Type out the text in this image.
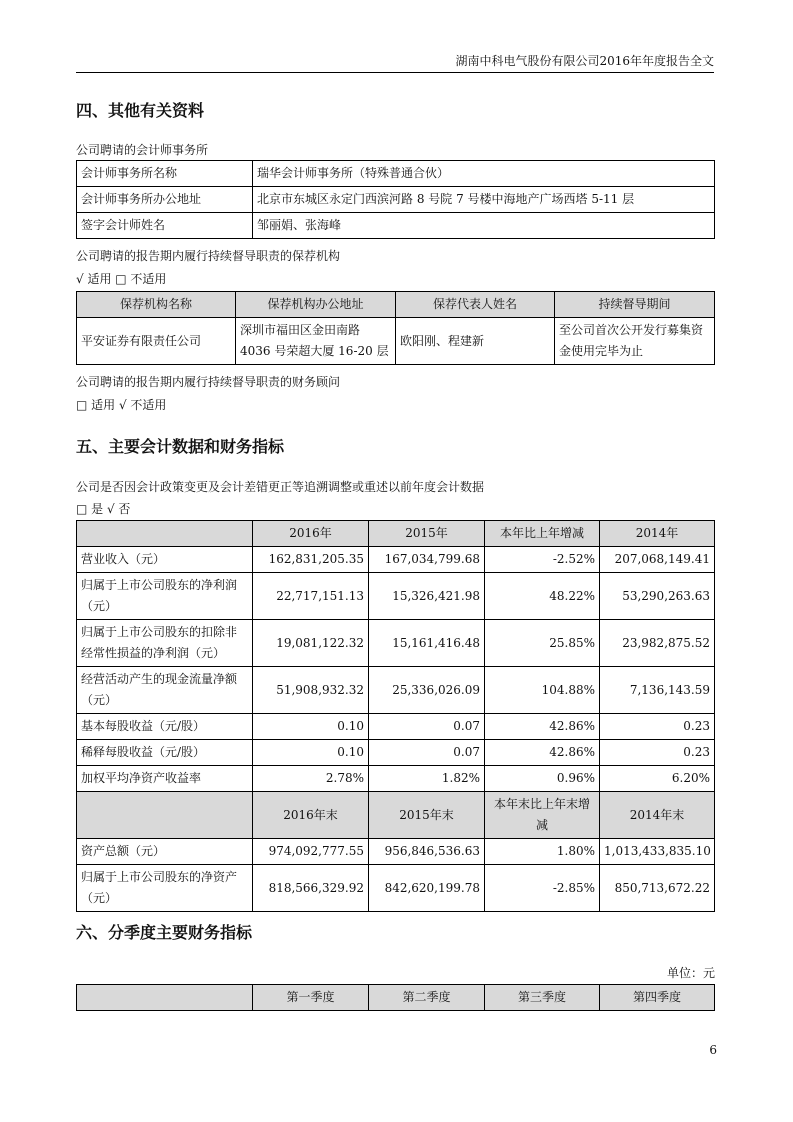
湖南中科电气股份有限公司2016年年度报告全文
四、其他有关资料
公司聘请的会计师事务所
会计师事务所名称	瑞华会计师事务所（特殊普通合伙）
会计师事务所办公地址	北京市东城区永定门西滨河路 8 号院 7 号楼中海地产广场西塔 5-11 层
签字会计师姓名	邹丽娟、张海峰
公司聘请的报告期内履行持续督导职责的保荐机构
√ 适用 □ 不适用
保荐机构名称	保荐机构办公地址	保荐代表人姓名	持续督导期间
平安证券有限责任公司	深圳市福田区金田南路 4036 号荣超大厦 16-20 层	欧阳刚、程建新	至公司首次公开发行募集资金使用完毕为止
公司聘请的报告期内履行持续督导职责的财务顾问
□ 适用 √ 不适用
五、主要会计数据和财务指标
公司是否因会计政策变更及会计差错更正等追溯调整或重述以前年度会计数据
□ 是 √ 否
	2016年	2015年	本年比上年增减	2014年
营业收入（元）	162,831,205.35	167,034,799.68	-2.52%	207,068,149.41
归属于上市公司股东的净利润（元）	22,717,151.13	15,326,421.98	48.22%	53,290,263.63
归属于上市公司股东的扣除非经常性损益的净利润（元）	19,081,122.32	15,161,416.48	25.85%	23,982,875.52
经营活动产生的现金流量净额（元）	51,908,932.32	25,336,026.09	104.88%	7,136,143.59
基本每股收益（元/股）	0.10	0.07	42.86%	0.23
稀释每股收益（元/股）	0.10	0.07	42.86%	0.23
加权平均净资产收益率	2.78%	1.82%	0.96%	6.20%
	2016年末	2015年末	本年末比上年末增减	2014年末
资产总额（元）	974,092,777.55	956,846,536.63	1.80%	1,013,433,835.10
归属于上市公司股东的净资产（元）	818,566,329.92	842,620,199.78	-2.85%	850,713,672.22
六、分季度主要财务指标
单位：元
	第一季度	第二季度	第三季度	第四季度
6
